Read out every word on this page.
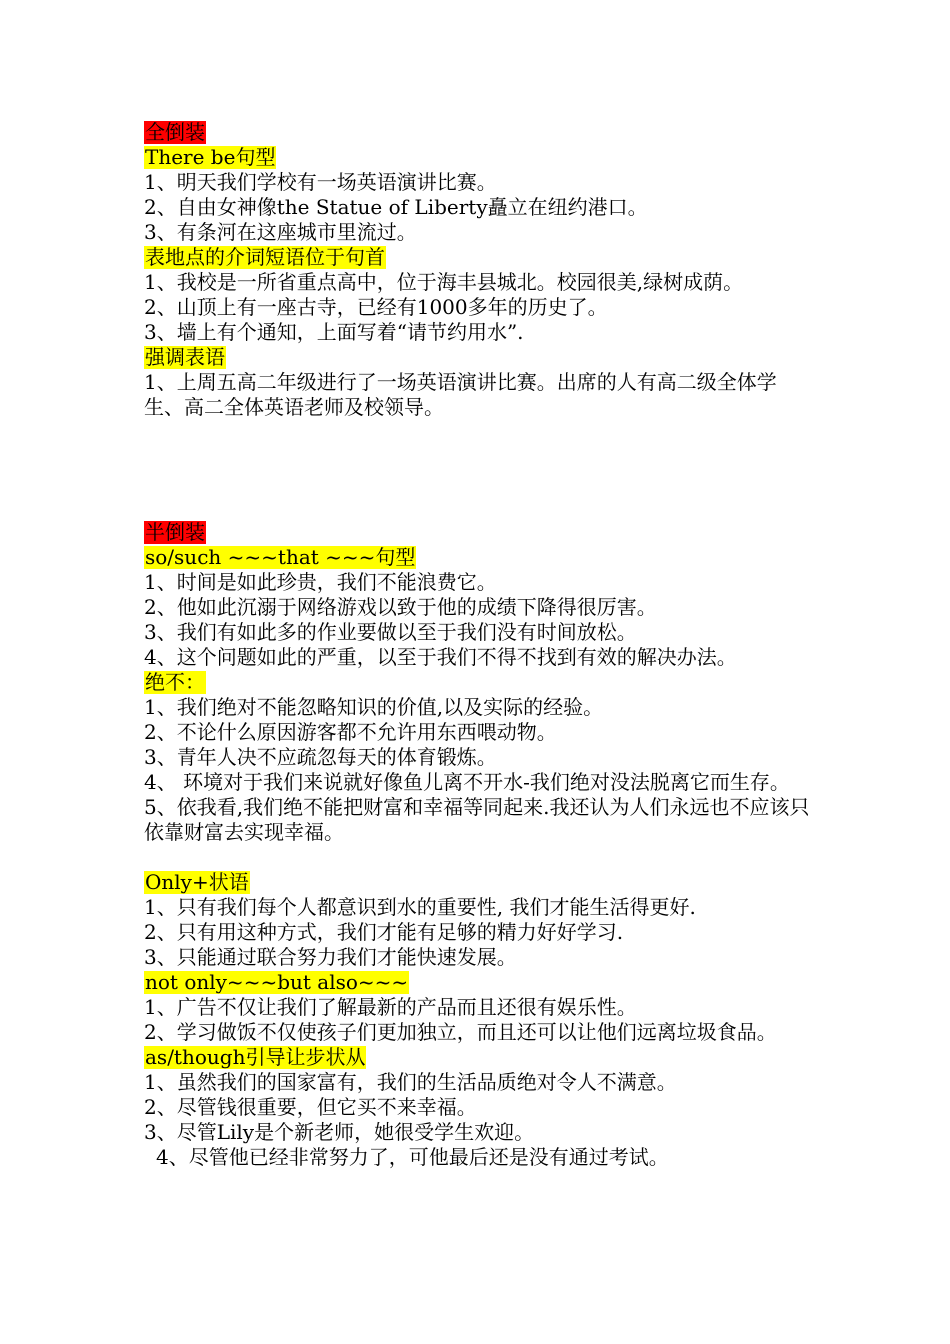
全倒装
There be句型

1、明天我们学校有一场英语演讲比赛。

2、自由女神像the Statue of Liberty矗立在纽约港口。

3、有条河在这座城市里流过。

表地点的介词短语位于句首

1、我校是一所省重点高中，位于海丰县城北。校园很美,绿树成荫。

2、山顶上有一座古寺，已经有1000多年的历史了。

3、墙上有个通知，上面写着“请节约用水”.

强调表语

1、上周五高二年级进行了一场英语演讲比赛。出席的人有高二级全体学生、高二全体英语老师及校领导。

半倒装
so/such ~~~that ~~~句型

1、时间是如此珍贵，我们不能浪费它。

2、他如此沉溺于网络游戏以致于他的成绩下降得很厉害。

3、我们有如此多的作业要做以至于我们没有时间放松。

4、这个问题如此的严重，以至于我们不得不找到有效的解决办法。

绝不：

1、我们绝对不能忽略知识的价值,以及实际的经验。

2、不论什么原因游客都不允许用东西喂动物。

3、青年人决不应疏忽每天的体育锻炼。

4、 环境对于我们来说就好像鱼儿离不开水-我们绝对没法脱离它而生存。

5、依我看,我们绝不能把财富和幸福等同起来.我还认为人们永远也不应该只依靠财富去实现幸福。

Only+状语

1、只有我们每个人都意识到水的重要性, 我们才能生活得更好.

2、只有用这种方式，我们才能有足够的精力好好学习.

3、只能通过联合努力我们才能快速发展。

not only~~~but also~~~

1、广告不仅让我们了解最新的产品而且还很有娱乐性。

2、学习做饭不仅使孩子们更加独立，而且还可以让他们远离垃圾食品。

as/though引导让步状从

1、虽然我们的国家富有，我们的生活品质绝对令人不满意。

2、尽管钱很重要，但它买不来幸福。

3、尽管Lily是个新老师，她很受学生欢迎。

4、尽管他已经非常努力了，可他最后还是没有通过考试。
